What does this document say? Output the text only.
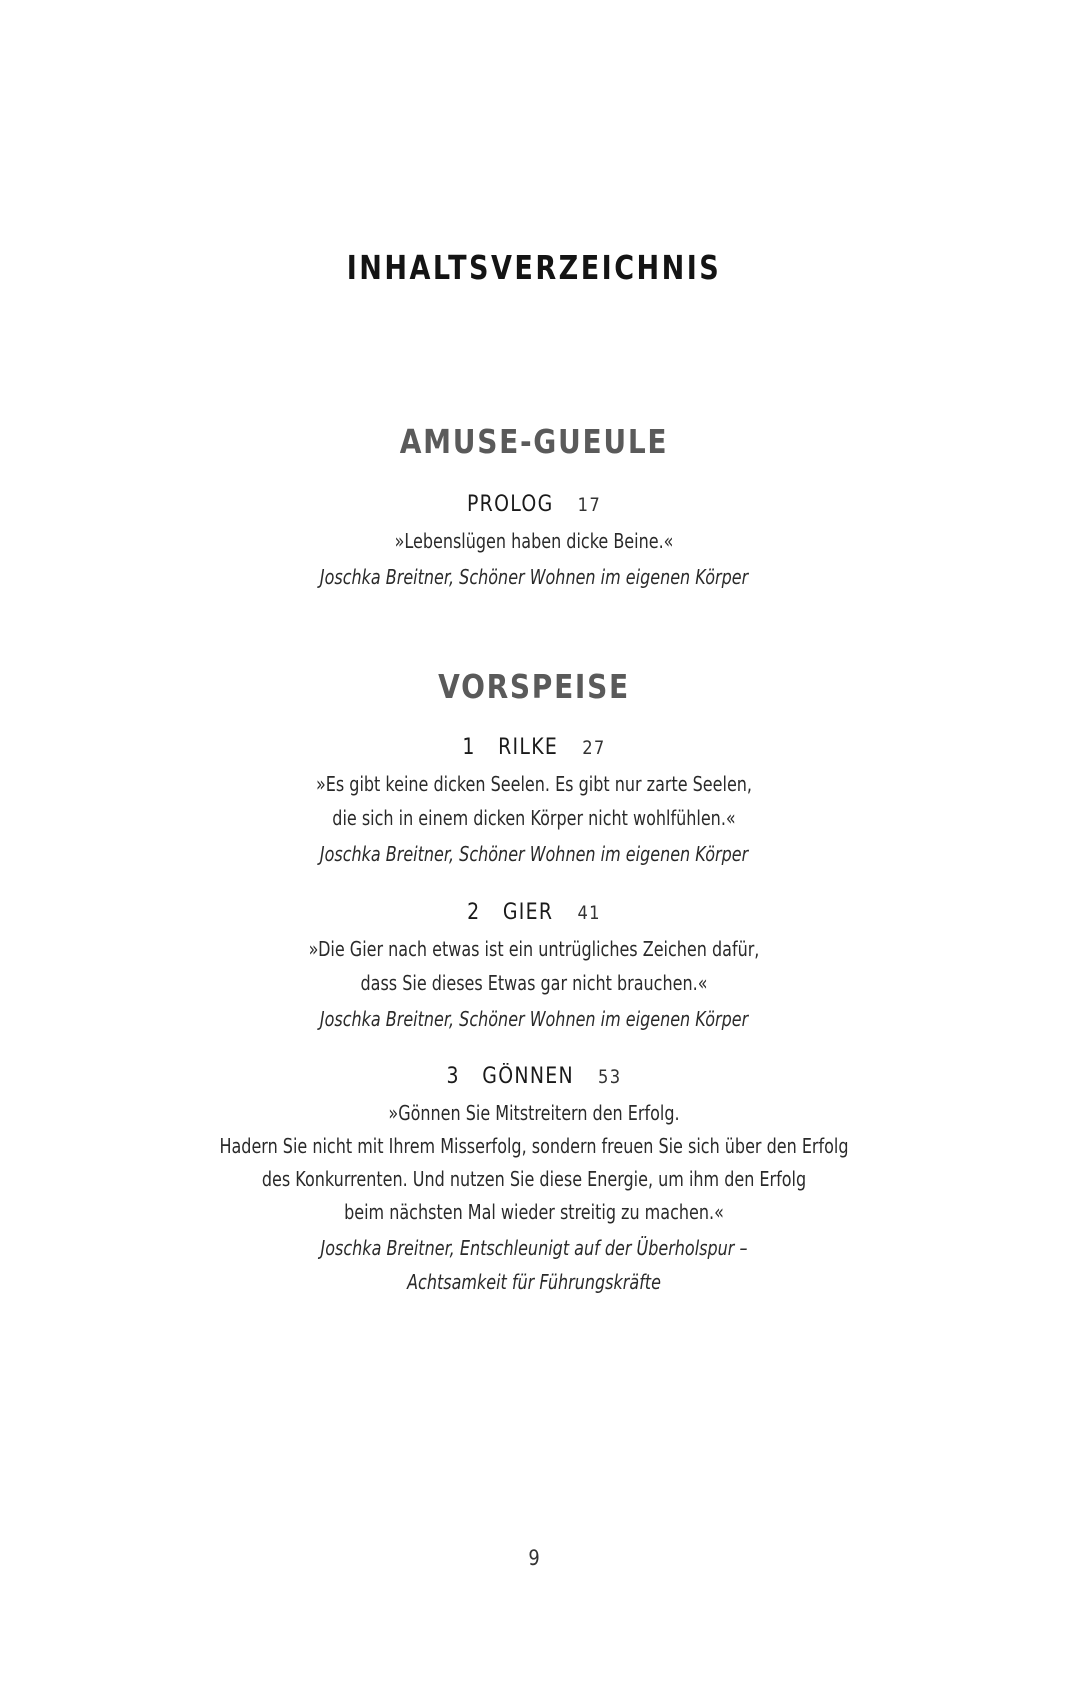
INHALTSVERZEICHNIS
AMUSE-GUEULE
PROLOG 17
»Lebenslügen haben dicke Beine.«
Joschka Breitner, Schöner Wohnen im eigenen Körper
VORSPEISE
1 RILKE 27
»Es gibt keine dicken Seelen. Es gibt nur zarte Seelen,
die sich in einem dicken Körper nicht wohlfühlen.«
Joschka Breitner, Schöner Wohnen im eigenen Körper
2 GIER 41
»Die Gier nach etwas ist ein untrügliches Zeichen dafür,
dass Sie dieses Etwas gar nicht brauchen.«
Joschka Breitner, Schöner Wohnen im eigenen Körper
3 GÖNNEN 53
»Gönnen Sie Mitstreitern den Erfolg.
Hadern Sie nicht mit Ihrem Misserfolg, sondern freuen Sie sich über den Erfolg
des Konkurrenten. Und nutzen Sie diese Energie, um ihm den Erfolg
beim nächsten Mal wieder streitig zu machen.«
Joschka Breitner, Entschleunigt auf der Überholspur –
Achtsamkeit für Führungskräfte
9
